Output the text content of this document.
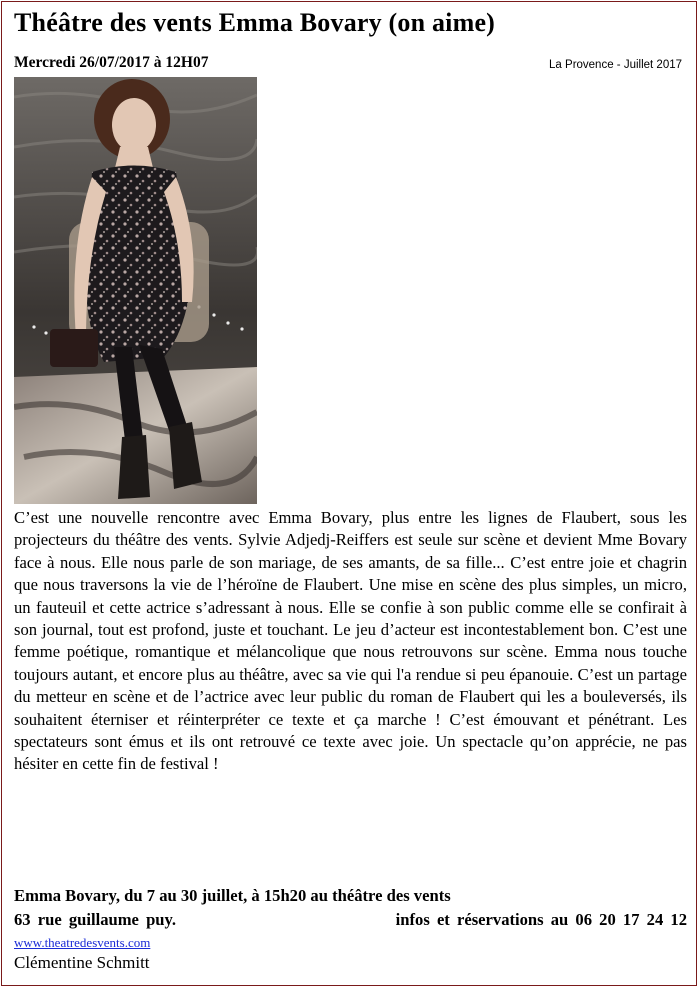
Théâtre des vents Emma Bovary (on aime)
Mercredi 26/07/2017 à 12H07	La Provence - Juillet 2017
C’est une nouvelle rencontre avec Emma Bovary, plus entre les lignes de Flaubert, sous les projecteurs du théâtre des vents. Sylvie Adjedj-Reiffers est seule sur scène et devient Mme Bovary face à nous. Elle nous parle de son mariage, de ses amants, de sa fille... C’est entre joie et chagrin que nous traversons la vie de l’héroïne de Flaubert. Une mise en scène des plus simples, un micro, un fauteuil et cette actrice s’adressant à nous. Elle se confie à son public comme elle se confirait à son journal, tout est profond, juste et touchant. Le jeu d’acteur est incontestablement bon. C’est une femme poétique, romantique et mélancolique que nous retrouvons sur scène. Emma nous touche toujours autant, et encore plus au théâtre, avec sa vie qui l'a rendue si peu épanouie. C’est un partage du metteur en scène et de l’actrice avec leur public du roman de Flaubert qui les a bouleversés, ils souhaitent éterniser et réinterpréter ce texte et ça marche ! C’est émouvant et pénétrant. Les spectateurs sont émus et ils ont retrouvé ce texte avec joie. Un spectacle qu’on apprécie, ne pas hésiter en cette fin de festival !
Emma Bovary, du 7 au 30 juillet, à 15h20 au théâtre des vents
63 rue guillaume puy.	infos et réservations au 06 20 17 24 12
www.theatredesvents.com
Clémentine Schmitt
